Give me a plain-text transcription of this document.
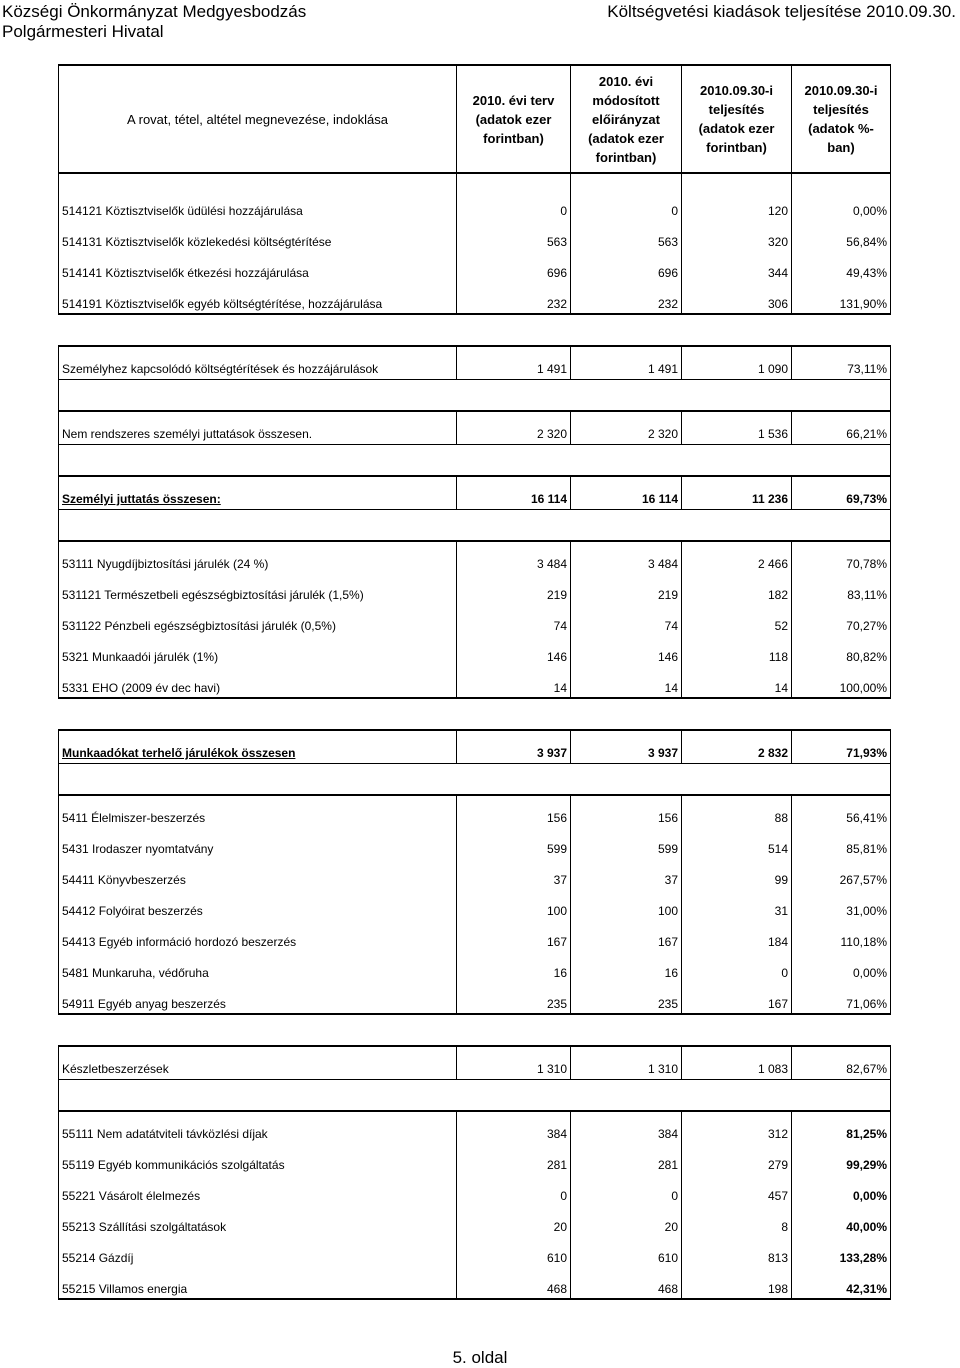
Községi Önkormányzat Medgyesbodzás
Polgármesteri Hivatal
Költségvetési kiadások teljesítése 2010.09.30.
A rovat, tétel, altétel megnevezése, indoklása	2010. évi terv (adatok ezer forintban)	2010. évi módosított előirányzat (adatok ezer forintban)	2010.09.30-i teljesítés (adatok ezer forintban)	2010.09.30-i teljesítés (adatok %-ban)

514121 Köztisztviselők üdülési hozzájárulása	0	0	120	0,00%
514131 Köztisztviselők közlekedési költségtérítése	563	563	320	56,84%
514141 Köztisztviselők étkezési hozzájárulása	696	696	344	49,43%
514191 Köztisztviselők egyéb költségtérítése, hozzájárulása	232	232	306	131,90%

Személyhez kapcsolódó költségtérítések és hozzájárulások	1 491	1 491	1 090	73,11%

Nem rendszeres személyi juttatások összesen.	2 320	2 320	1 536	66,21%

Személyi juttatás összesen:	16 114	16 114	11 236	69,73%

53111 Nyugdíjbiztosítási járulék (24 %)	3 484	3 484	2 466	70,78%
531121 Természetbeli egészségbiztosítási járulék (1,5%)	219	219	182	83,11%
531122 Pénzbeli egészségbiztosítási járulék (0,5%)	74	74	52	70,27%
5321 Munkaadói járulék (1%)	146	146	118	80,82%
5331 EHO (2009 év dec havi)	14	14	14	100,00%

Munkaadókat terhelő járulékok összesen	3 937	3 937	2 832	71,93%

5411 Élelmiszer-beszerzés	156	156	88	56,41%
5431 Irodaszer nyomtatvány	599	599	514	85,81%
54411 Könyvbeszerzés	37	37	99	267,57%
54412 Folyóirat beszerzés	100	100	31	31,00%
54413 Egyéb információ hordozó beszerzés	167	167	184	110,18%
5481 Munkaruha, védőruha	16	16	0	0,00%
54911 Egyéb anyag beszerzés	235	235	167	71,06%

Készletbeszerzések	1 310	1 310	1 083	82,67%

55111 Nem adatátviteli távközlési díjak	384	384	312	81,25%
55119 Egyéb kommunikációs szolgáltatás	281	281	279	99,29%
55221 Vásárolt élelmezés	0	0	457	0,00%
55213 Szállítási szolgáltatások	20	20	8	40,00%
55214 Gázdíj	610	610	813	133,28%
55215 Villamos energia	468	468	198	42,31%
5. oldal
